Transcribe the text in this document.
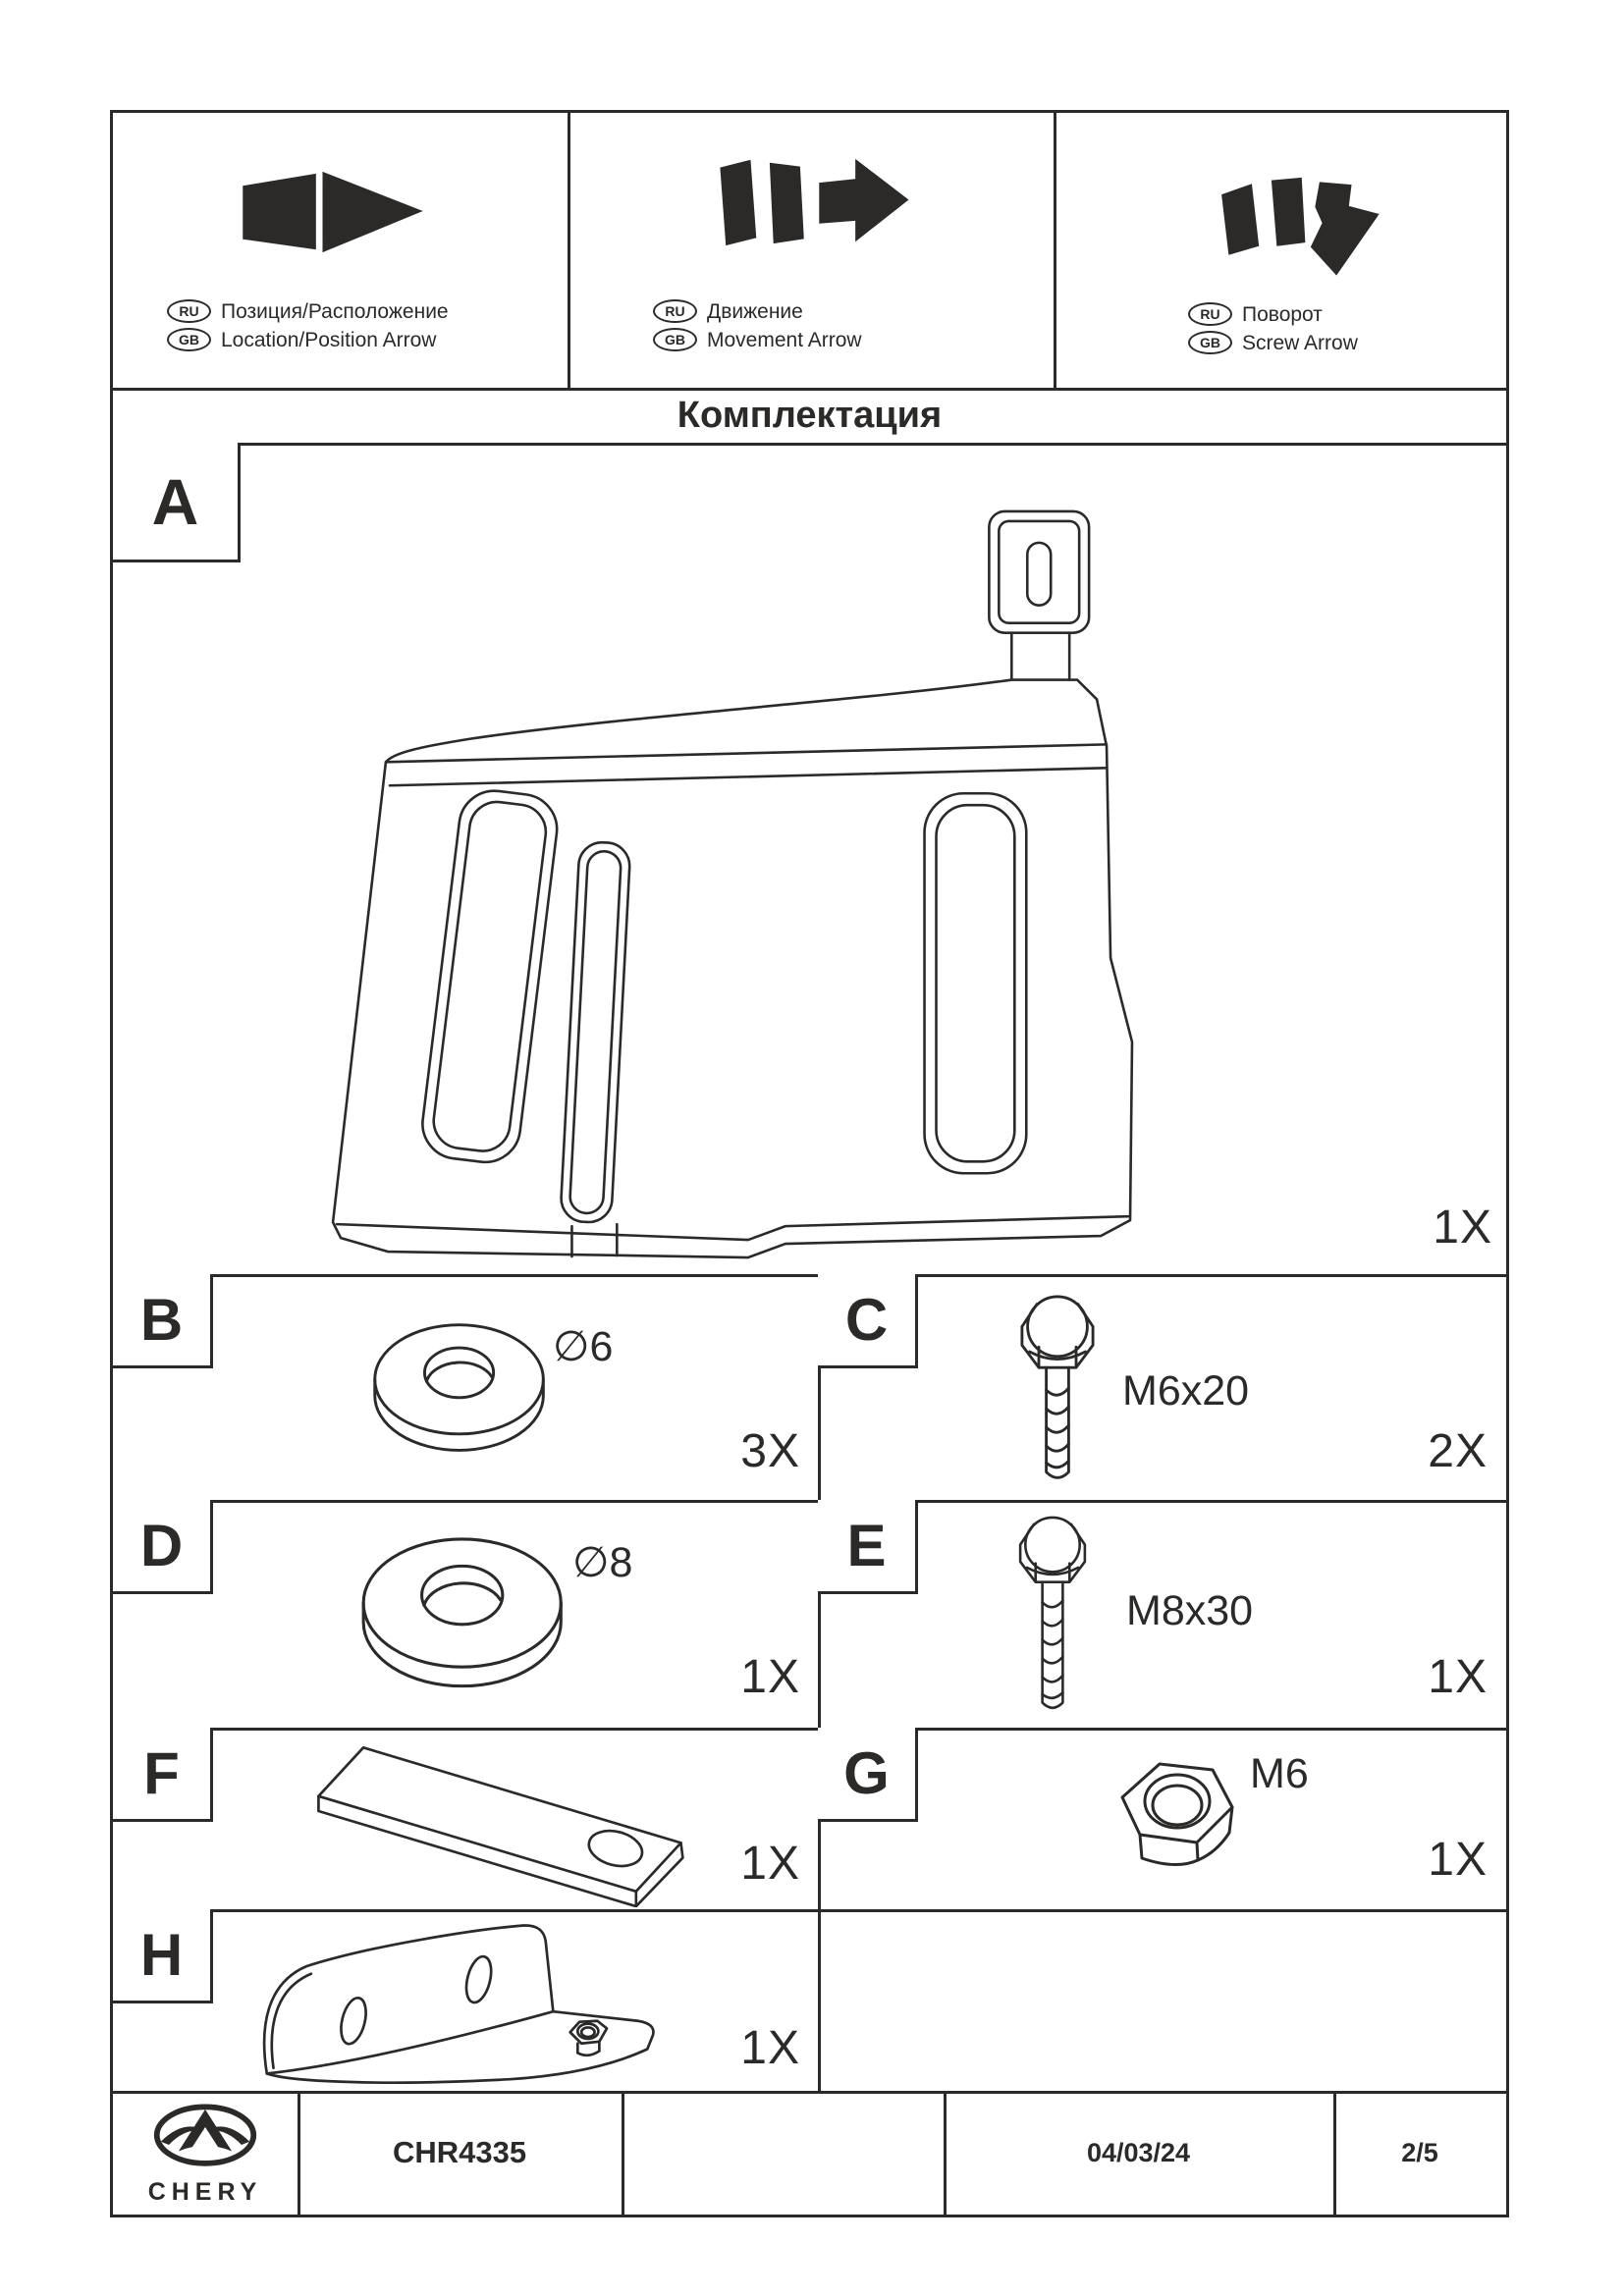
RU	Позиция/Расположение
GB	Location/Position Arrow
RU	Движение
GB	Movement Arrow
RU	Поворот
GB	Screw Arrow
Комплектация
A
1X
B	∅6
3X
C
M6x20
2X
D	∅8
1X
E
M8x30
1X
F
1X
G	M6
1X
H
1X
CHERY
CHR4335	04/03/24	2/5
